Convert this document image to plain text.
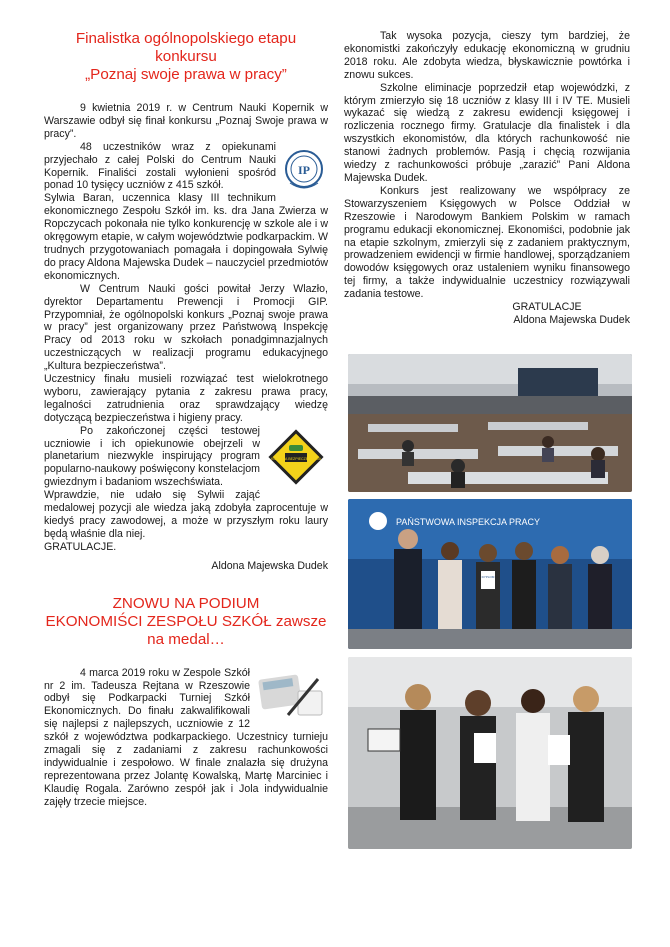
Finalistka ogólnopolskiego etapu
konkursu
„Poznaj swoje prawa w pracy”

9 kwietnia 2019 r. w Centrum Nauki Kopernik w Warszawie odbył się finał konkursu „Poznaj Swoje prawa w pracy”.

IP

48 uczestników wraz z opiekunami przyjechało z całej Polski do Centrum Nauki Kopernik. Finaliści zostali wyłonieni spośród ponad 10 tysięcy uczniów z 415 szkół.

Sylwia Baran, uczennica klasy III technikum ekonomicznego Zespołu Szkół im. ks. dra Jana Zwierza w Ropczycach pokonała nie tylko konkurencję w szkole ale i w okręgowym etapie, w całym województwie podkarpackim. W trudnych przygotowaniach pomagała i dopingowała Sylwię do pracy Aldona Majewska Dudek – nauczyciel przedmiotów ekonomicznych.

W Centrum Nauki gości powitał Jerzy Wlazło, dyrektor Departamentu Prewencji i Promocji GIP. Przypomniał, że ogólnopolski konkurs „Poznaj swoje prawa w pracy” jest organizowany przez Państwową Inspekcję Pracy od 2013 roku w szkołach ponadgimnazjalnych uczestniczących w realizacji programu edukacyjnego „Kultura bezpieczeństwa”.

Uczestnicy finału musieli rozwiązać test wielokrotnego wyboru, zawierający pytania z zakresu prawa pracy, legalności zatrudnienia oraz sprawdzający wiedzę dotyczącą bezpieczeństwa i higieny pracy.

KULTURA BEZPIECZEŃSTWA

Po zakończonej części testowej uczniowie i ich opiekunowie obejrzeli w planetarium niezwykle inspirujący program popularno-naukowy poświęcony konstelacjom gwiezdnym i badaniom wszechświata.

Wprawdzie, nie udało się Sylwii zająć medalowej pozycji ale wiedza jaką zdobyła zaprocentuje w kiedyś pracy zawodowej, a może w przyszłym roku laury będą właśnie dla niej.

GRATULACJE.

Aldona Majewska Dudek

ZNOWU NA PODIUM
EKONOMIŚCI ZESPOŁU SZKÓŁ zawsze
na medal…

4 marca 2019 roku w Zespole Szkół nr 2 im. Tadeusza Rejtana w Rzeszowie odbył się Podkarpacki Turniej Szkół Ekonomicznych. Do finału zakwalifikowali się najlepsi z najlepszych, uczniowie z 12 szkół z województwa podkarpackiego. Uczestnicy turnieju zmagali się z zadaniami z zakresu rachunkowości indywidualnie i zespołowo. W finale znalazła się drużyna reprezentowana przez Jolantę Kowalską, Martę Marciniec i Klaudię Rogala. Zarówno zespół jak i Jola indywidualnie zajęły trzecie miejsce.

Tak wysoka pozycja, cieszy tym bardziej, że ekonomistki zakończyły edukację ekonomiczną w grudniu 2018 roku. Ale zdobyta wiedza, błyskawicznie powtórka i znowu sukces.

Szkolne eliminacje poprzedził etap wojewódzki, z którym zmierzyło się 18 uczniów z klasy III i IV TE. Musieli wykazać się wiedzą z zakresu ewidencji księgowej i rozliczenia rocznego firmy. Gratulacje dla finalistek i dla wszystkich ekonomistów, dla których rachunkowość nie stanowi żadnych problemów. Pasją i chęcią rozwijania wiedzy z rachunkowości próbuje „zarazić” Pani Aldona Majewska Dudek.

Konkurs jest realizowany we współpracy ze Stowarzyszeniem Księgowych w Polsce Oddział w Rzeszowie i Narodowym Bankiem Polskim w ramach programu edukacji ekonomicznej. Ekonomiści, podobnie jak na etapie szkolnym, zmierzyli się z zadaniem praktycznym, prowadzeniem ewidencji w firmie handlowej, sporządzaniem dowodów księgowych oraz ustaleniem wyniku finansowego tej firmy, a także indywidualnie uczestnicy rozwiązywali zadania testowe.

GRATULACJE

Aldona Majewska Dudek

PAŃSTWOWA INSPEKCJA PRACY
DYPLOM
